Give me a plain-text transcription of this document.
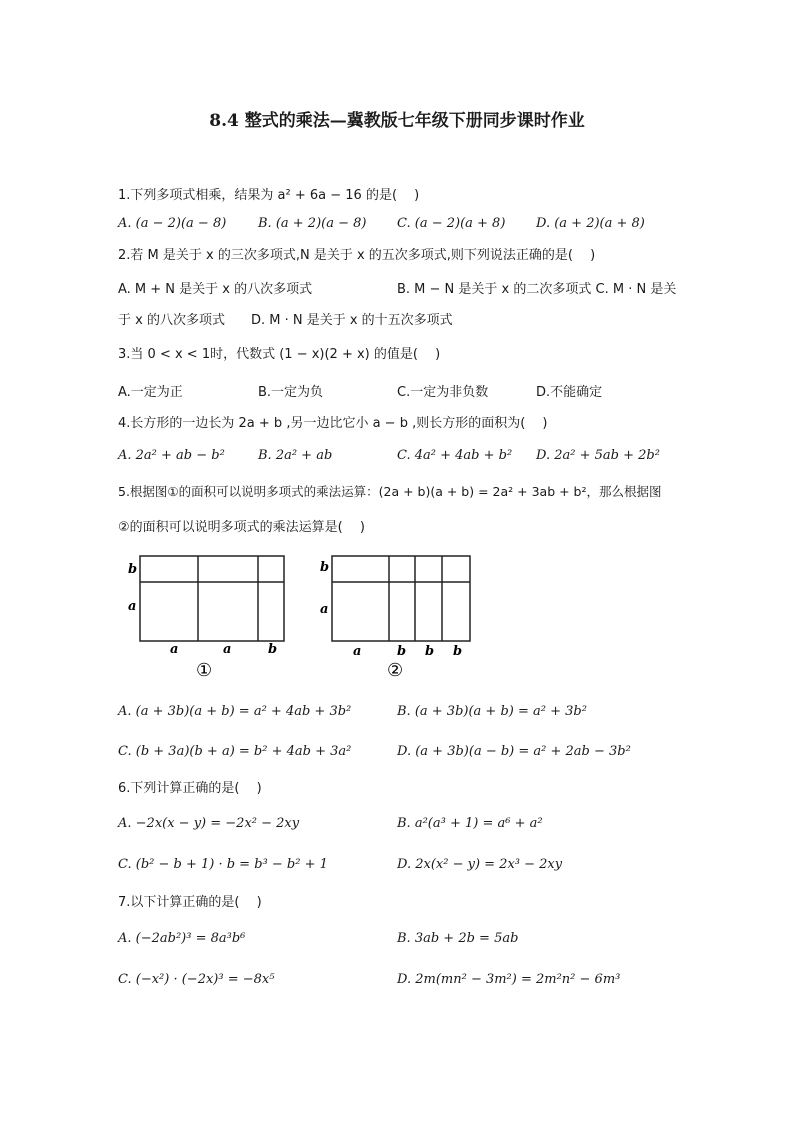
8.4 整式的乘法—冀教版七年级下册同步课时作业
1.下列多项式相乘，结果为 a² + 6a − 16 的是(　 )
A. (a − 2)(a − 8) B. (a + 2)(a − 8) C. (a − 2)(a + 8) D. (a + 2)(a + 8)
2.若 M 是关于 x 的三次多项式,N 是关于 x 的五次多项式,则下列说法正确的是(　 )
A. M + N 是关于 x 的八次多项式	B. M − N 是关于 x 的二次多项式 C. M · N 是关
于 x 的八次多项式　　D. M · N 是关于 x 的十五次多项式
3.当 0 < x < 1时，代数式 (1 − x)(2 + x) 的值是(　 )
A.一定为正	B.一定为负	C.一定为非负数	D.不能确定
4.长方形的一边长为 2a + b ,另一边比它小 a − b ,则长方形的面积为(　 )
A. 2a² + ab − b²	B. 2a² + ab	C. 4a² + 4ab + b² D. 2a² + 5ab + 2b²
5.根据图①的面积可以说明多项式的乘法运算：(2a + b)(a + b) = 2a² + 3ab + b²，那么根据图
②的面积可以说明多项式的乘法运算是(　 )
b
a
a	a	b
①
b
a
a	b b b
②
A. (a + 3b)(a + b) = a² + 4ab + 3b²	B. (a + 3b)(a + b) = a² + 3b²
C. (b + 3a)(b + a) = b² + 4ab + 3a²	D. (a + 3b)(a − b) = a² + 2ab − 3b²
6.下列计算正确的是(　 )
A. −2x(x − y) = −2x² − 2xy	B. a²(a³ + 1) = a⁶ + a²
C. (b² − b + 1) · b = b³ − b² + 1	D. 2x(x² − y) = 2x³ − 2xy
7.以下计算正确的是(　 )
A. (−2ab²)³ = 8a³b⁶	B. 3ab + 2b = 5ab
C. (−x²) · (−2x)³ = −8x⁵	D. 2m(mn² − 3m²) = 2m²n² − 6m³
